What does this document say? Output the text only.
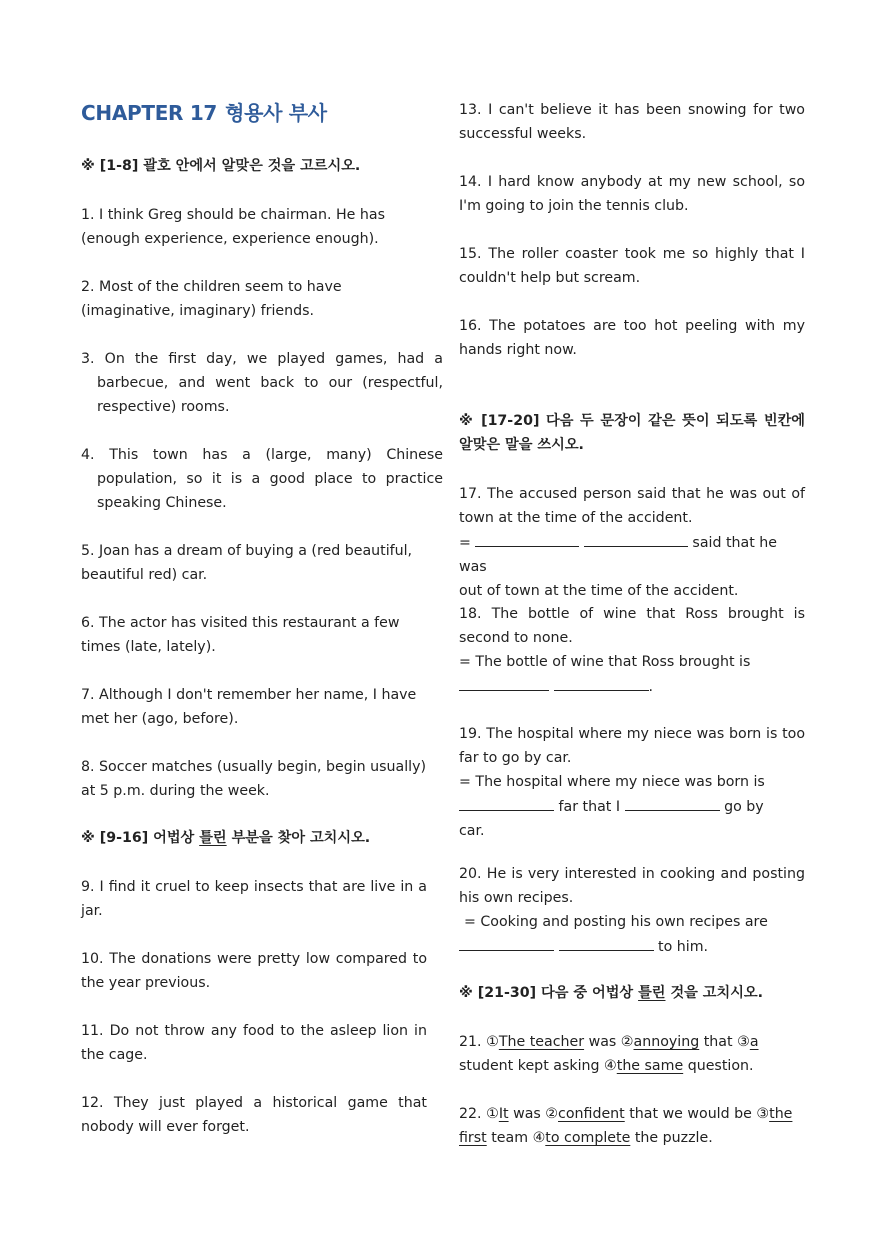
CHAPTER 17 형용사 부사
※ [1-8] 괄호 안에서 알맞은 것을 고르시오.
1. I think Greg should be chairman. He has
(enough experience, experience enough).
2. Most of the children seem to have
(imaginative, imaginary) friends.
3. On the first day, we played games, had a barbecue, and went back to our (respectful, respective) rooms.
4. This town has a (large, many) Chinese population, so it is a good place to practice speaking Chinese.
5. Joan has a dream of buying a (red beautiful,
beautiful red) car.
6. The actor has visited this restaurant a few
times (late, lately).
7. Although I don't remember her name, I have
met her (ago, before).
8. Soccer matches (usually begin, begin usually)
at 5 p.m. during the week.
※ [9-16] 어법상 틀린 부분을 찾아 고치시오.
9. I find it cruel to keep insects that are live in a jar.
10. The donations were pretty low compared to the year previous.
11. Do not throw any food to the asleep lion in the cage.
12. They just played a historical game that nobody will ever forget.
13. I can't believe it has been snowing for two successful weeks.
14. I hard know anybody at my new school, so I'm going to join the tennis club.
15. The roller coaster took me so highly that I couldn't help but scream.
16. The potatoes are too hot peeling with my hands right now.
※ [17-20] 다음 두 문장이 같은 뜻이 되도록 빈칸에 알맞은 말을 쓰시오.
17. The accused person said that he was out of town at the time of the accident.
=	said that he was
out of town at the time of the accident.
18. The bottle of wine that Ross brought is second to none.
= The bottle of wine that Ross brought is
.
19. The hospital where my niece was born is too far to go by car.
= The hospital where my niece was born is
far that I	go by
car.
20. He is very interested in cooking and posting his own recipes.
= Cooking and posting his own recipes are
to him.
※ [21-30] 다음 중 어법상 틀린 것을 고치시오.
21. ①The teacher was ②annoying that ③a
student kept asking ④the same question.
22. ①It was ②confident that we would be ③the
first team ④to complete the puzzle.
